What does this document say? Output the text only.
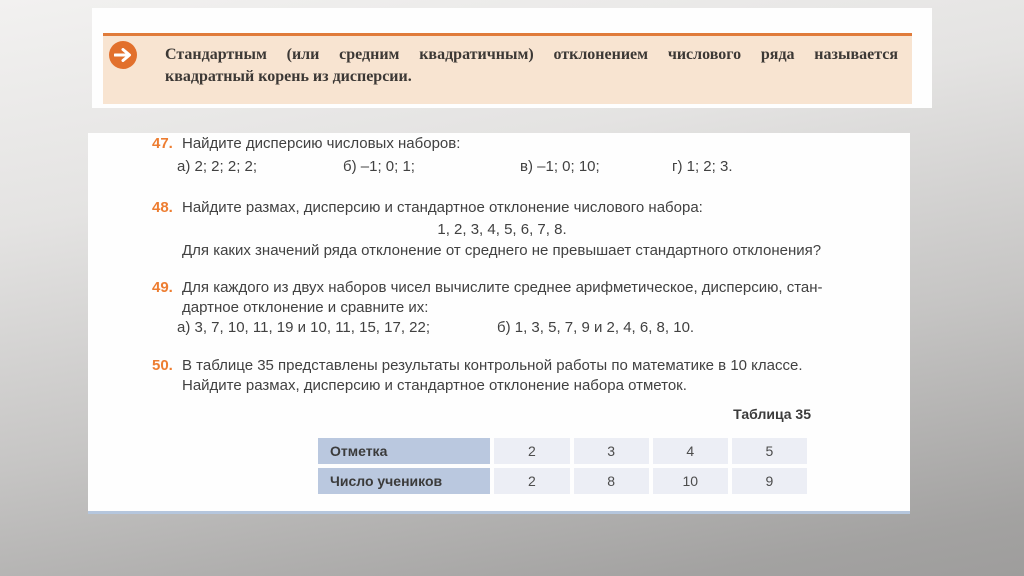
Стандартным (или средним квадратичным) отклонением числового ряда называется
квадратный корень из дисперсии.
47. Найдите дисперсию числовых наборов:
а) 2; 2; 2; 2;	б) –1; 0; 1;	в) –1; 0; 10;	г) 1; 2; 3.
48. Найдите размах, дисперсию и стандартное отклонение числового набора:
1, 2, 3, 4, 5, 6, 7, 8.
Для каких значений ряда отклонение от среднего не превышает стандартного отклонения?
49. Для каждого из двух наборов чисел вычислите среднее арифметическое, дисперсию, стан-
дартное отклонение и сравните их:
а) 3, 7, 10, 11, 19 и 10, 11, 15, 17, 22;	б) 1, 3, 5, 7, 9 и 2, 4, 6, 8, 10.
50. В таблице 35 представлены результаты контрольной работы по математике в 10 классе.
Найдите размах, дисперсию и стандартное отклонение набора отметок.
Таблица 35
Отметка	2	3	4	5
Число учеников	2	8	10	9
